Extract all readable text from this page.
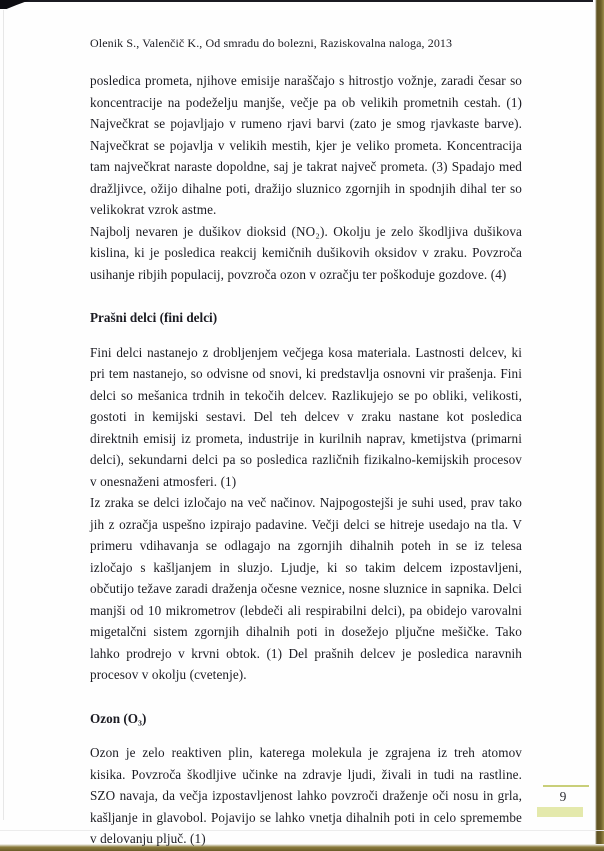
Olenik S., Valenčič K., Od smradu do bolezni, Raziskovalna naloga, 2013

posledica prometa, njihove emisije naraščajo s hitrostjo vožnje, zaradi česar so koncentracije na podeželju manjše, večje pa ob velikih prometnih cestah. (1) Največkrat se pojavljajo v rumeno rjavi barvi (zato je smog rjavkaste barve). Največkrat se pojavlja v velikih mestih, kjer je veliko prometa. Koncentracija tam največkrat naraste dopoldne, saj je takrat največ prometa. (3) Spadajo med dražljivce, ožijo dihalne poti, dražijo sluznico zgornjih in spodnjih dihal ter so velikokrat vzrok astme.

Najbolj nevaren je dušikov dioksid (NO₂). Okolju je zelo škodljiva dušikova kislina, ki je posledica reakcij kemičnih dušikovih oksidov v zraku. Povzroča usihanje ribjih populacij, povzroča ozon v ozračju ter poškoduje gozdove. (4)

Prašni delci (fini delci)

Fini delci nastanejo z drobljenjem večjega kosa materiala. Lastnosti delcev, ki pri tem nastanejo, so odvisne od snovi, ki predstavlja osnovni vir prašenja. Fini delci so mešanica trdnih in tekočih delcev. Razlikujejo se po obliki, velikosti, gostoti in kemijski sestavi. Del teh delcev v zraku nastane kot posledica direktnih emisij iz prometa, industrije in kurilnih naprav, kmetijstva (primarni delci), sekundarni delci pa so posledica različnih fizikalno-kemijskih procesov v onesnaženi atmosferi. (1)

Iz zraka se delci izločajo na več načinov. Najpogostejši je suhi used, prav tako jih z ozračja uspešno izpirajo padavine. Večji delci se hitreje usedajo na tla. V primeru vdihavanja se odlagajo na zgornjih dihalnih poteh in se iz telesa izločajo s kašljanjem in sluzjo. Ljudje, ki so takim delcem izpostavljeni, občutijo težave zaradi draženja očesne veznice, nosne sluznice in sapnika. Delci manjši od 10 mikrometrov (lebdeči ali respirabilni delci), pa obidejo varovalni migetalčni sistem zgornjih dihalnih poti in dosežejo pljučne mešičke. Tako lahko prodrejo v krvni obtok. (1) Del prašnih delcev je posledica naravnih procesov v okolju (cvetenje).

Ozon (O₃)

Ozon je zelo reaktiven plin, katerega molekula je zgrajena iz treh atomov kisika. Povzroča škodljive učinke na zdravje ljudi, živali in tudi na rastline. SZO navaja, da večja izpostavljenost lahko povzroči draženje oči nosu in grla, kašljanje in glavobol. Pojavijo se lahko vnetja dihalnih poti in celo spremembe v delovanju pljuč. (1)

9
